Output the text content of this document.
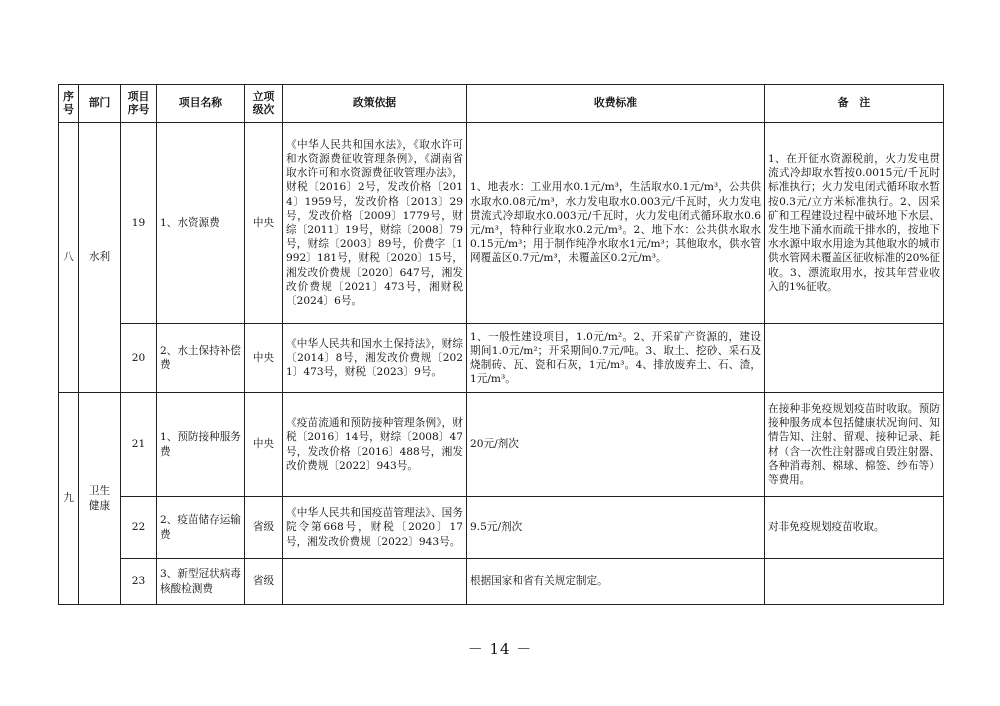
序号	部门	项目序号	项目名称	立项级次	政策依据	收费标准	备　注
八	水利	19	1、水资源费	中央	《中华人民共和国水法》，《取水许可和水资源费征收管理条例》，《湖南省取水许可和水资源费征收管理办法》，财税〔2016〕2号，发改价格〔2014〕1959号，发改价格〔2013〕29号，发改价格〔2009〕1779号，财综〔2011〕19号，财综〔2008〕79号，财综〔2003〕89号，价费字〔1992〕181号，财税〔2020〕15号，湘发改价费规〔2020〕647号，湘发改价费规〔2021〕473号，湘财税〔2024〕6号。	1、地表水：工业用水0.1元/m³，生活取水0.1元/m³，公共供水取水0.08元/m³，水力发电取水0.003元/千瓦时，火力发电贯流式冷却取水0.003元/千瓦时，火力发电闭式循环取水0.6元/m³，特种行业取水0.2元/m³。2、地下水：公共供水取水0.15元/m³；用于制作纯净水取水1元/m³；其他取水，供水管网覆盖区0.7元/m³，未覆盖区0.2元/m³。	1、在开征水资源税前，火力发电贯流式冷却取水暂按0.0015元/千瓦时标准执行；火力发电闭式循环取水暂按0.3元/立方米标准执行。2、因采矿和工程建设过程中破坏地下水层、发生地下涌水而疏干排水的，按地下水水源中取水用途为其他取水的城市供水管网未覆盖区征收标准的20%征收。3、漂流取用水，按其年营业收入的1%征收。
		20	2、水土保持补偿费	中央	《中华人民共和国水土保持法》，财综〔2014〕8号，湘发改价费规〔2021〕473号，财税〔2023〕9号。	1、一般性建设项目，1.0元/m²。2、开采矿产资源的，建设期间1.0元/m²；开采期间0.7元/吨。3、取土、挖砂、采石及烧制砖、瓦、瓷和石灰，1元/m³。4、排放废弃土、石、渣，1元/m³。	
九	卫生健康	21	1、预防接种服务费	中央	《疫苗流通和预防接种管理条例》，财税〔2016〕14号，财综〔2008〕47号，发改价格〔2016〕488号，湘发改价费规〔2022〕943号。	20元/剂次	在接种非免疫规划疫苗时收取。预防接种服务成本包括健康状况询问、知情告知、注射、留观、接种记录、耗材（含一次性注射器或自毁注射器、各种消毒剂、棉球、棉签、纱布等）等费用。
		22	2、疫苗储存运输费	省级	《中华人民共和国疫苗管理法》、国务院令第668号，财税〔2020〕17号，湘发改价费规〔2022〕943号。	9.5元/剂次	对非免疫规划疫苗收取。
		23	3、新型冠状病毒核酸检测费	省级		根据国家和省有关规定制定。	
－ 14 －
